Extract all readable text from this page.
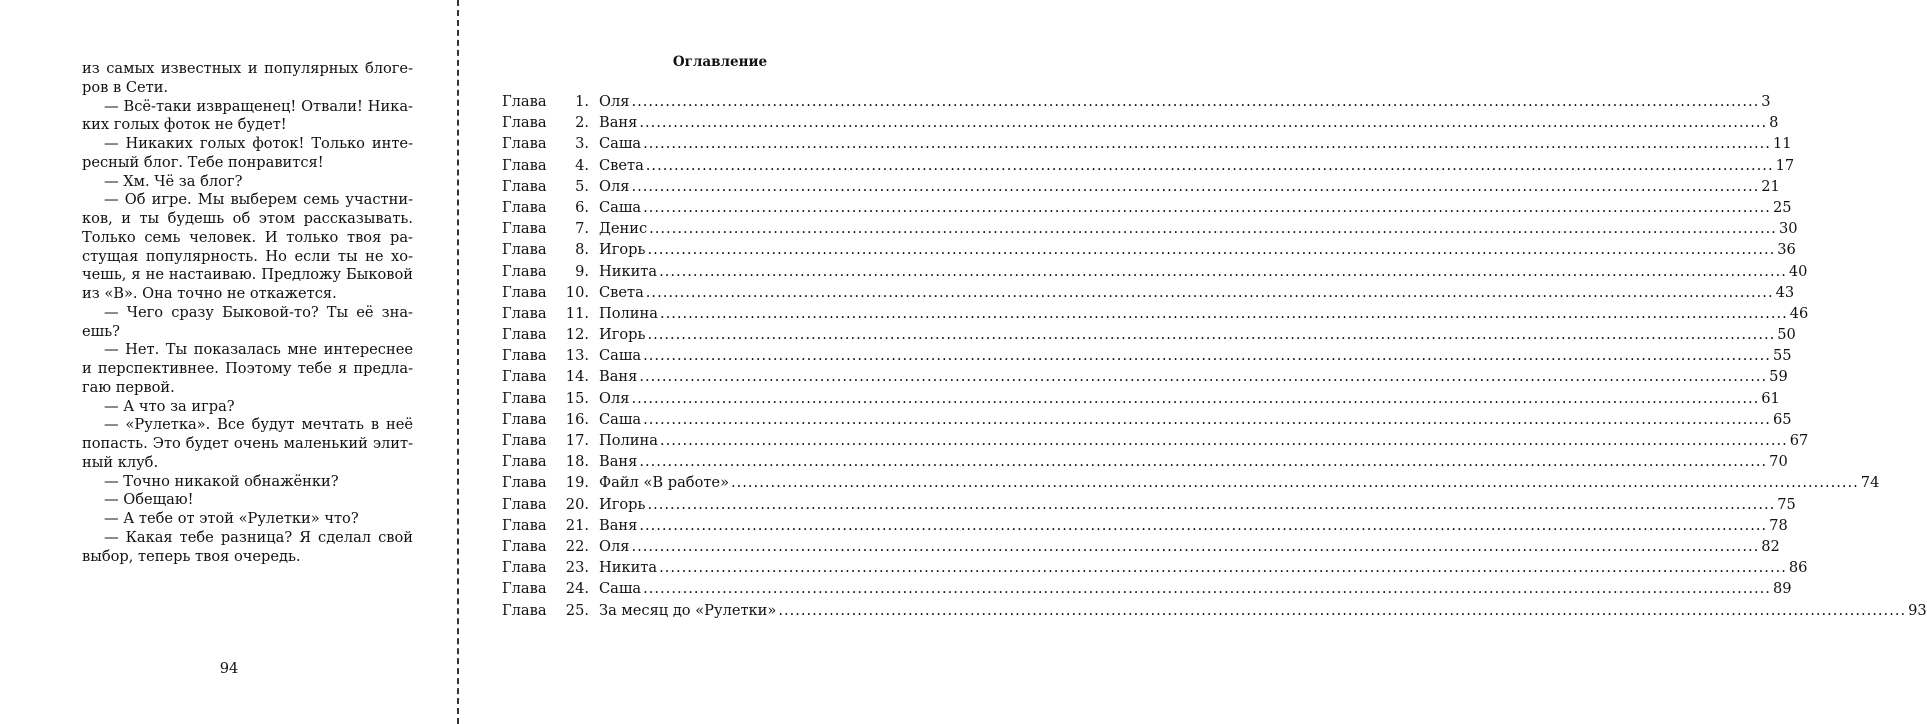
из самых известных и популярных блоге-
ров в Сети.
— Всё-таки извращенец! Отвали! Ника-
ких голых фоток не будет!
— Никаких голых фоток! Только инте-
ресный блог. Тебе понравится!
— Хм. Чё за блог?
— Об игре. Мы выберем семь участни-
ков, и ты будешь об этом рассказывать.
Только семь человек. И только твоя ра-
стущая популярность. Но если ты не хо-
чешь, я не настаиваю. Предложу Быковой
из «В». Она точно не откажется.
— Чего сразу Быковой-то? Ты её зна-
ешь?
— Нет. Ты показалась мне интереснее
и перспективнее. Поэтому тебе я предла-
гаю первой.
— А что за игра?
— «Рулетка». Все будут мечтать в неё
попасть. Это будет очень маленький элит-
ный клуб.
— Точно никакой обнажёнки?
— Обещаю!
— А тебе от этой «Рулетки» что?
— Какая тебе разница? Я сделал свой
выбор, теперь твоя очередь.
94
Оглавление
Глава	1. Оля ........................................................................................................................................................................................................ 3
Глава	2. Ваня ........................................................................................................................................................................................................ 8
Глава	3. Саша ........................................................................................................................................................................................................ 11
Глава	4. Света ........................................................................................................................................................................................................ 17
Глава	5. Оля ........................................................................................................................................................................................................ 21
Глава	6. Саша ........................................................................................................................................................................................................ 25
Глава	7. Денис ........................................................................................................................................................................................................ 30
Глава	8. Игорь ........................................................................................................................................................................................................ 36
Глава	9. Никита ........................................................................................................................................................................................................ 40
Глава	10. Света ........................................................................................................................................................................................................ 43
Глава	11. Полина ........................................................................................................................................................................................................ 46
Глава	12. Игорь ........................................................................................................................................................................................................ 50
Глава	13. Саша ........................................................................................................................................................................................................ 55
Глава	14. Ваня ........................................................................................................................................................................................................ 59
Глава	15. Оля ........................................................................................................................................................................................................ 61
Глава	16. Саша ........................................................................................................................................................................................................ 65
Глава	17. Полина ........................................................................................................................................................................................................ 67
Глава	18. Ваня ........................................................................................................................................................................................................ 70
Глава	19. Файл «В работе» ........................................................................................................................................................................................................ 74
Глава	20. Игорь ........................................................................................................................................................................................................ 75
Глава	21. Ваня ........................................................................................................................................................................................................ 78
Глава	22. Оля ........................................................................................................................................................................................................ 82
Глава	23. Никита ........................................................................................................................................................................................................ 86
Глава	24. Саша ........................................................................................................................................................................................................ 89
Глава	25. За месяц до «Рулетки» ........................................................................................................................................................................................................ 93
